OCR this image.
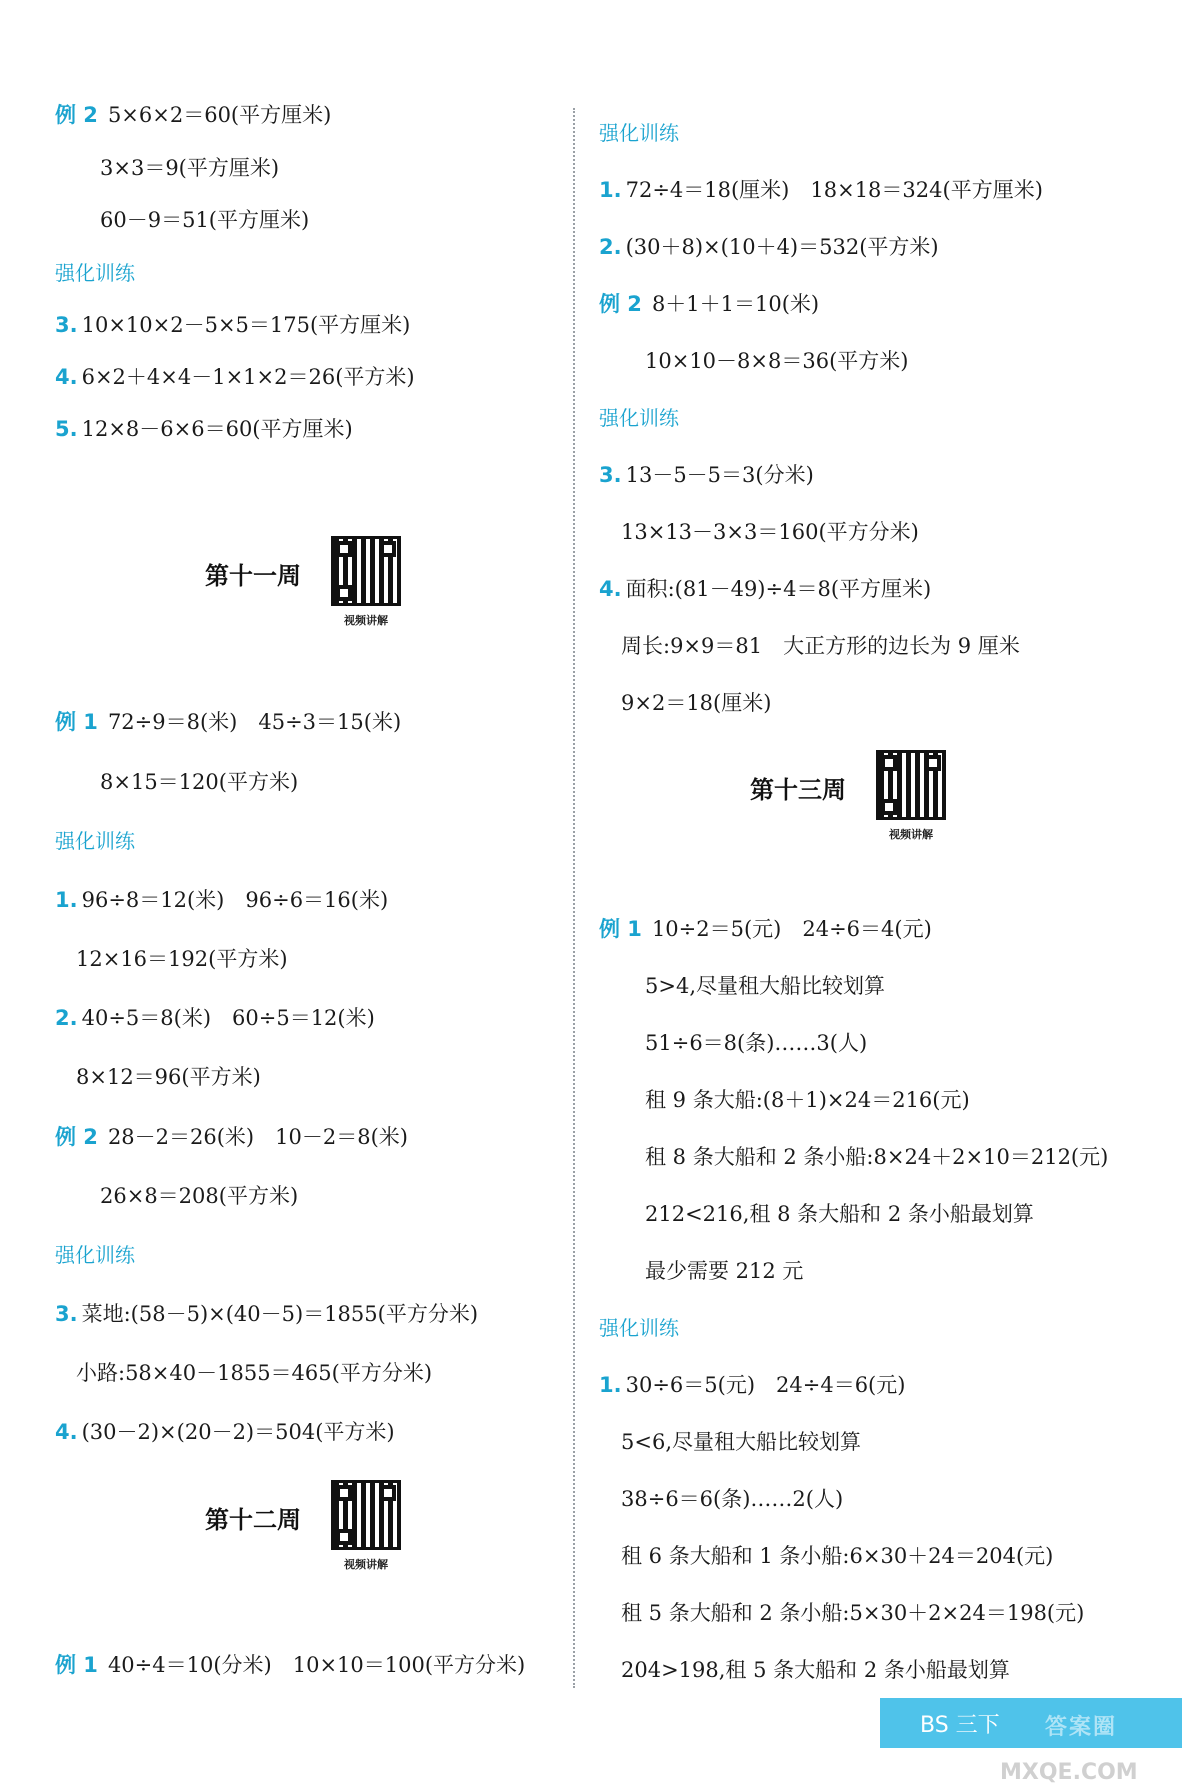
例 2 5×6×2＝60(平方厘米)
3×3＝9(平方厘米)
60－9＝51(平方厘米)
强化训练
3. 10×10×2－5×5＝175(平方厘米)
4. 6×2＋4×4－1×1×2＝26(平方米)
5. 12×8－6×6＝60(平方厘米)
第十一周
视频讲解
例 1 72÷9＝8(米)　45÷3＝15(米)
8×15＝120(平方米)
强化训练
1. 96÷8＝12(米)　96÷6＝16(米)
12×16＝192(平方米)
2. 40÷5＝8(米)　60÷5＝12(米)
8×12＝96(平方米)
例 2 28－2＝26(米)　10－2＝8(米)
26×8＝208(平方米)
强化训练
3. 菜地:(58－5)×(40－5)＝1855(平方分米)
小路:58×40－1855＝465(平方分米)
4. (30－2)×(20－2)＝504(平方米)
第十二周
视频讲解
例 1 40÷4＝10(分米)　10×10＝100(平方分米)
强化训练
1. 72÷4＝18(厘米)　18×18＝324(平方厘米)
2. (30＋8)×(10＋4)＝532(平方米)
例 2 8＋1＋1＝10(米)
10×10－8×8＝36(平方米)
强化训练
3. 13－5－5＝3(分米)
13×13－3×3＝160(平方分米)
4. 面积:(81－49)÷4＝8(平方厘米)
周长:9×9＝81　大正方形的边长为 9 厘米
9×2＝18(厘米)
第十三周
视频讲解
例 1 10÷2＝5(元)　24÷6＝4(元)
5>4,尽量租大船比较划算
51÷6＝8(条)……3(人)
租 9 条大船:(8＋1)×24＝216(元)
租 8 条大船和 2 条小船:8×24＋2×10＝212(元)
212<216,租 8 条大船和 2 条小船最划算
最少需要 212 元
强化训练
1. 30÷6＝5(元)　24÷4＝6(元)
5<6,尽量租大船比较划算
38÷6＝6(条)……2(人)
租 6 条大船和 1 条小船:6×30＋24＝204(元)
租 5 条大船和 2 条小船:5×30＋2×24＝198(元)
204>198,租 5 条大船和 2 条小船最划算
BS 三下 答案圈
MXQE.COM
